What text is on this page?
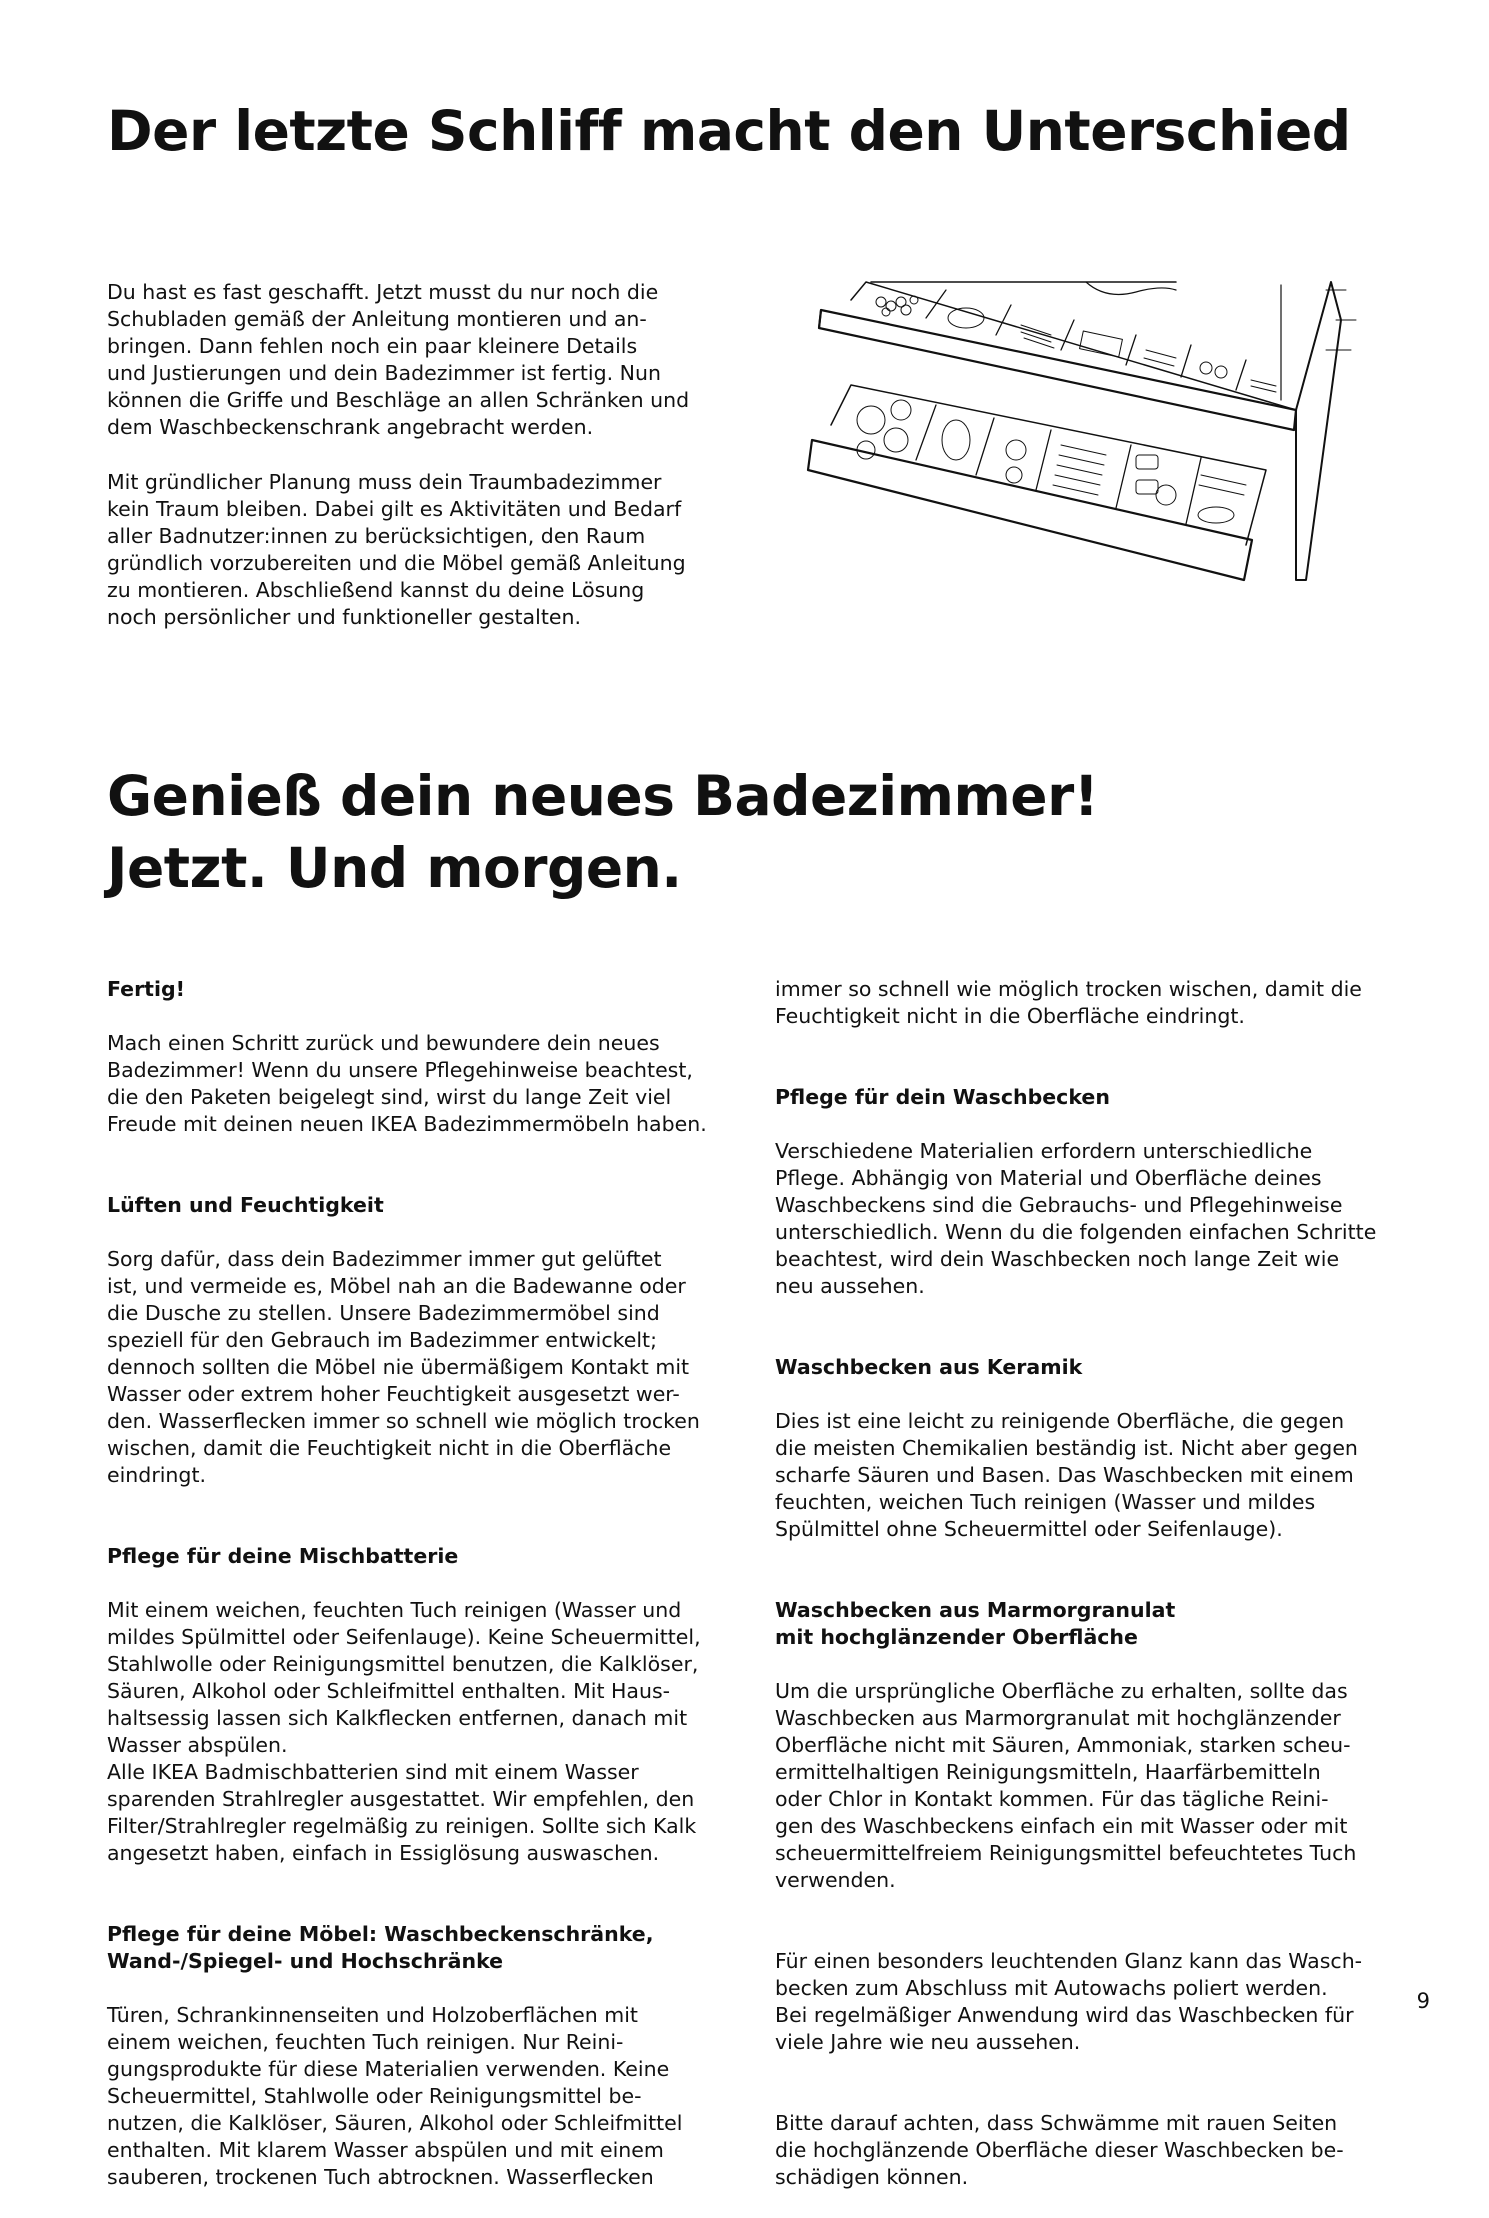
Der letzte Schliff macht den Unterschied

Du hast es fast geschafft. Jetzt musst du nur noch die
Schubladen gemäß der Anleitung montieren und an-
bringen. Dann fehlen noch ein paar kleinere Details
und Justierungen und dein Badezimmer ist fertig. Nun
können die Griffe und Beschläge an allen Schränken und
dem Waschbeckenschrank angebracht werden.

Mit gründlicher Planung muss dein Traumbadezimmer
kein Traum bleiben. Dabei gilt es Aktivitäten und Bedarf
aller Badnutzer:innen zu berücksichtigen, den Raum
gründlich vorzubereiten und die Möbel gemäß Anleitung
zu montieren. Abschließend kannst du deine Lösung
noch persönlicher und funktioneller gestalten.

Genieß dein neues Badezimmer!
Jetzt. Und morgen.

Fertig!

Mach einen Schritt zurück und bewundere dein neues
Badezimmer! Wenn du unsere Pflegehinweise beachtest,
die den Paketen beigelegt sind, wirst du lange Zeit viel
Freude mit deinen neuen IKEA Badezimmermöbeln haben.

Lüften und Feuchtigkeit

Sorg dafür, dass dein Badezimmer immer gut gelüftet
ist, und vermeide es, Möbel nah an die Badewanne oder
die Dusche zu stellen. Unsere Badezimmermöbel sind
speziell für den Gebrauch im Badezimmer entwickelt;
dennoch sollten die Möbel nie übermäßigem Kontakt mit
Wasser oder extrem hoher Feuchtigkeit ausgesetzt wer-
den. Wasserflecken immer so schnell wie möglich trocken
wischen, damit die Feuchtigkeit nicht in die Oberfläche
eindringt.

Pflege für deine Mischbatterie

Mit einem weichen, feuchten Tuch reinigen (Wasser und
mildes Spülmittel oder Seifenlauge). Keine Scheuermittel,
Stahlwolle oder Reinigungsmittel benutzen, die Kalklöser,
Säuren, Alkohol oder Schleifmittel enthalten. Mit Haus-
haltsessig lassen sich Kalkflecken entfernen, danach mit
Wasser abspülen.
Alle IKEA Badmischbatterien sind mit einem Wasser
sparenden Strahlregler ausgestattet. Wir empfehlen, den
Filter/Strahlregler regelmäßig zu reinigen. Sollte sich Kalk
angesetzt haben, einfach in Essiglösung auswaschen.

Pflege für deine Möbel: Waschbeckenschränke,
Wand-/Spiegel- und Hochschränke

Türen, Schrankinnenseiten und Holzoberflächen mit
einem weichen, feuchten Tuch reinigen. Nur Reini-
gungsprodukte für diese Materialien verwenden. Keine
Scheuermittel, Stahlwolle oder Reinigungsmittel be-
nutzen, die Kalklöser, Säuren, Alkohol oder Schleifmittel
enthalten. Mit klarem Wasser abspülen und mit einem
sauberen, trockenen Tuch abtrocknen. Wasserflecken

immer so schnell wie möglich trocken wischen, damit die
Feuchtigkeit nicht in die Oberfläche eindringt.

Pflege für dein Waschbecken

Verschiedene Materialien erfordern unterschiedliche
Pflege. Abhängig von Material und Oberfläche deines
Waschbeckens sind die Gebrauchs- und Pflegehinweise
unterschiedlich. Wenn du die folgenden einfachen Schritte
beachtest, wird dein Waschbecken noch lange Zeit wie
neu aussehen.

Waschbecken aus Keramik

Dies ist eine leicht zu reinigende Oberfläche, die gegen
die meisten Chemikalien beständig ist. Nicht aber gegen
scharfe Säuren und Basen. Das Waschbecken mit einem
feuchten, weichen Tuch reinigen (Wasser und mildes
Spülmittel ohne Scheuermittel oder Seifenlauge).

Waschbecken aus Marmorgranulat
mit hochglänzender Oberfläche

Um die ursprüngliche Oberfläche zu erhalten, sollte das
Waschbecken aus Marmorgranulat mit hochglänzender
Oberfläche nicht mit Säuren, Ammoniak, starken scheu-
ermittelhaltigen Reinigungsmitteln, Haarfärbemitteln
oder Chlor in Kontakt kommen. Für das tägliche Reini-
gen des Waschbeckens einfach ein mit Wasser oder mit
scheuermittelfreiem Reinigungsmittel befeuchtetes Tuch
verwenden.

Für einen besonders leuchtenden Glanz kann das Wasch-
becken zum Abschluss mit Autowachs poliert werden.
Bei regelmäßiger Anwendung wird das Waschbecken für
viele Jahre wie neu aussehen.

Bitte darauf achten, dass Schwämme mit rauen Seiten
die hochglänzende Oberfläche dieser Waschbecken be-
schädigen können.

9
